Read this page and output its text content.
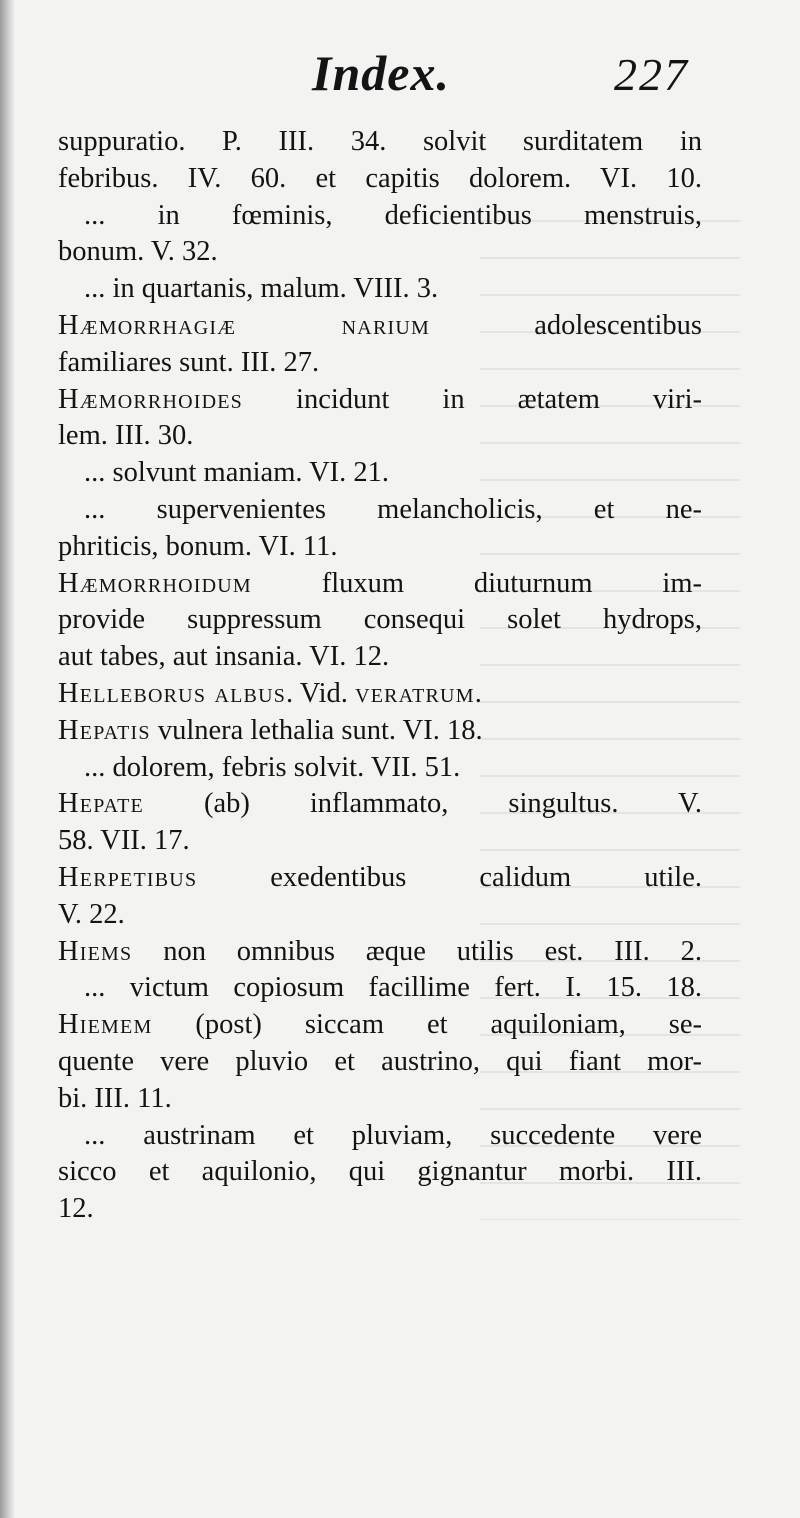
Index.	227
suppuratio. P. III. 34. solvit surditatem in
febribus. IV. 60. et capitis dolorem. VI. 10.
... in fœminis, deficientibus menstruis,
bonum. V. 32.
... in quartanis, malum. VIII. 3.
Hæmorrhagiæ narium adolescentibus
familiares sunt. III. 27.
Hæmorrhoides incidunt in ætatem viri-
lem. III. 30.
... solvunt maniam. VI. 21.
... supervenientes melancholicis, et ne-
phriticis, bonum. VI. 11.
Hæmorrhoidum fluxum diuturnum im-
provide suppressum consequi solet hydrops,
aut tabes, aut insania. VI. 12.
Helleborus albus. Vid. veratrum.
Hepatis vulnera lethalia sunt. VI. 18.
... dolorem, febris solvit. VII. 51.
Hepate (ab) inflammato, singultus. V.
58. VII. 17.
Herpetibus exedentibus calidum utile.
V. 22.
Hiems non omnibus æque utilis est. III. 2.
... victum copiosum facillime fert. I. 15. 18.
Hiemem (post) siccam et aquiloniam, se-
quente vere pluvio et austrino, qui fiant mor-
bi. III. 11.
... austrinam et pluviam, succedente vere
sicco et aquilonio, qui gignantur morbi. III.
12.
